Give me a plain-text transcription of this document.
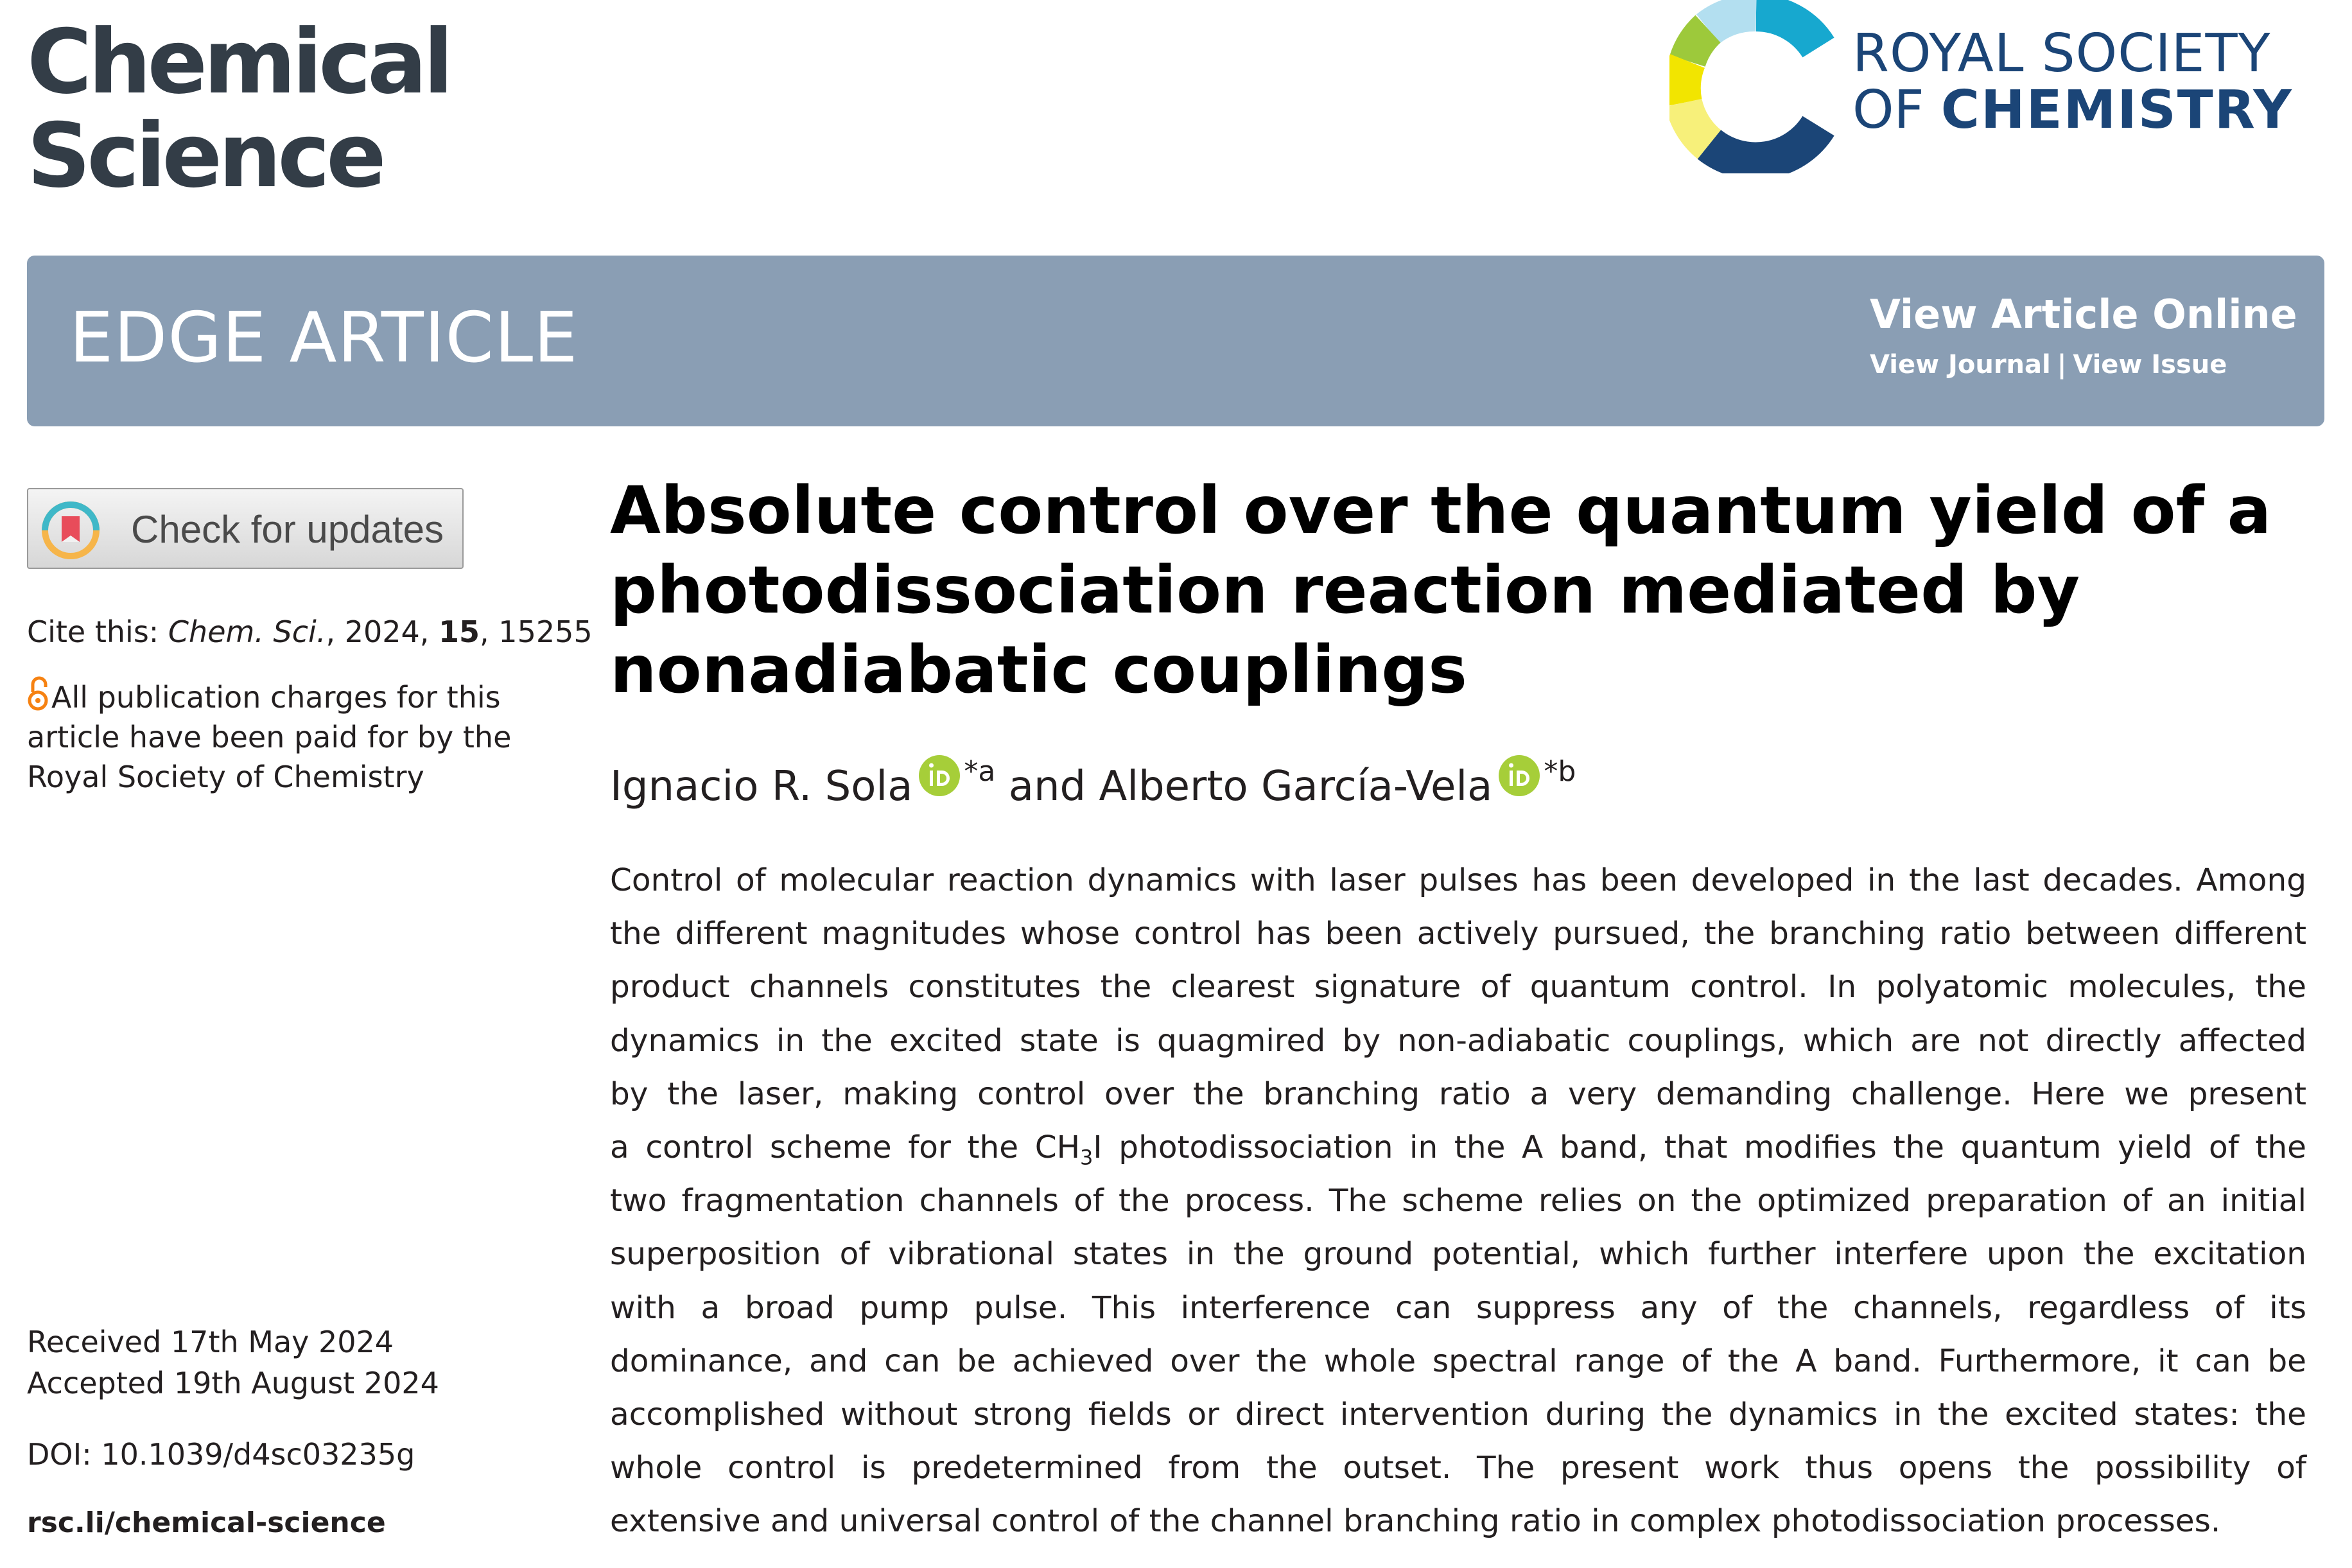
Chemical
Science
ROYAL SOCIETY
OF CHEMISTRY
EDGE ARTICLE	View Article Online
View Journal | View Issue
Check for updates
Cite this: Chem. Sci., 2024, 15, 15255
All publication charges for this article have been paid for by the Royal Society of Chemistry
Received 17th May 2024
Accepted 19th August 2024
DOI: 10.1039/d4sc03235g
rsc.li/chemical-science
Absolute control over the quantum yield of a photodissociation reaction mediated by nonadiabatic couplings
Ignacio R. Sola $^{*a}$ and Alberto García-Vela $^{*b}$

Control of molecular reaction dynamics with laser pulses has been developed in the last decades. Among
the different magnitudes whose control has been actively pursued, the branching ratio between different
product channels constitutes the clearest signature of quantum control. In polyatomic molecules, the
dynamics in the excited state is quagmired by non-adiabatic couplings, which are not directly affected
by the laser, making control over the branching ratio a very demanding challenge. Here we present
a control scheme for the $CH_3I$ photodissociation in the A band, that modifies the quantum yield of the
two fragmentation channels of the process. The scheme relies on the optimized preparation of an initial
superposition of vibrational states in the ground potential, which further interfere upon the excitation
with a broad pump pulse. This interference can suppress any of the channels, regardless of its
dominance, and can be achieved over the whole spectral range of the A band. Furthermore, it can be
accomplished without strong fields or direct intervention during the dynamics in the excited states: the
whole control is predetermined from the outset. The present work thus opens the possibility of
extensive and universal control of the channel branching ratio in complex photodissociation processes.
